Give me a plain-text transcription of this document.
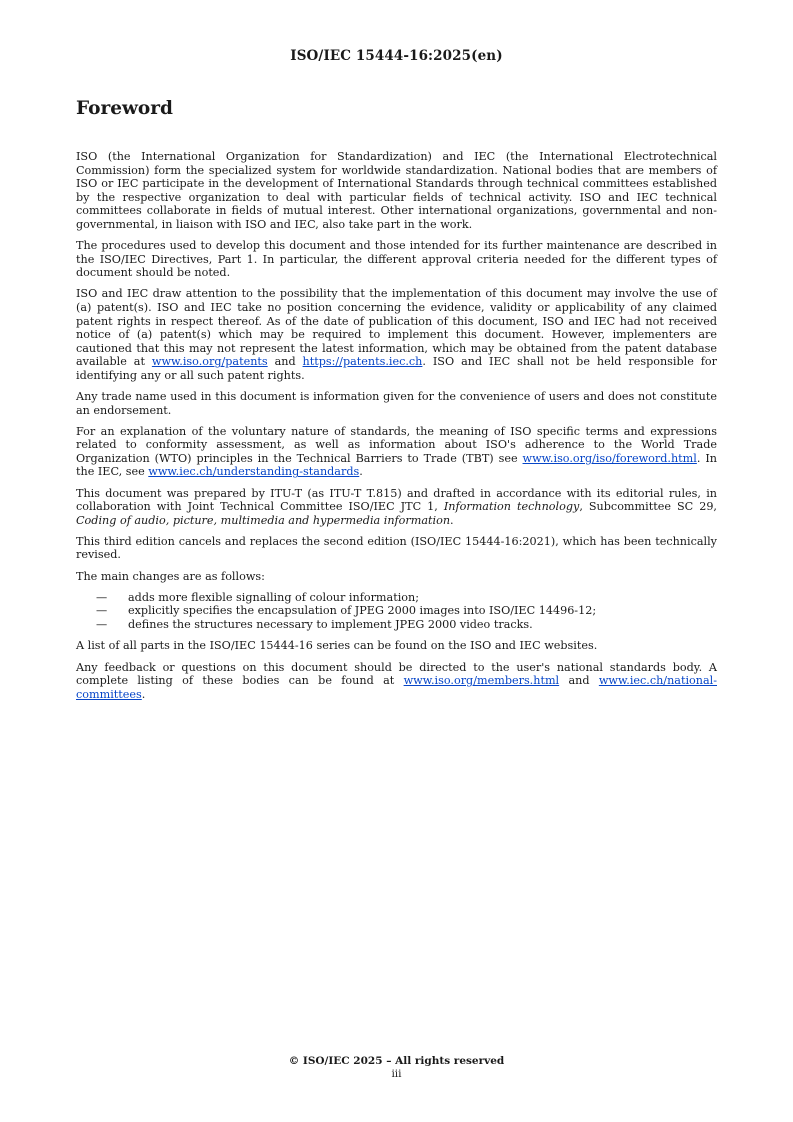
ISO/IEC 15444-16:2025(en)
Foreword

ISO (the International Organization for Standardization) and IEC (the International Electrotechnical Commission) form the specialized system for worldwide standardization. National bodies that are members of ISO or IEC participate in the development of International Standards through technical committees established by the respective organization to deal with particular fields of technical activity. ISO and IEC technical committees collaborate in fields of mutual interest. Other international organizations, governmental and non-governmental, in liaison with ISO and IEC, also take part in the work.

The procedures used to develop this document and those intended for its further maintenance are described in the ISO/IEC Directives, Part 1. In particular, the different approval criteria needed for the different types of document should be noted.

ISO and IEC draw attention to the possibility that the implementation of this document may involve the use of (a) patent(s). ISO and IEC take no position concerning the evidence, validity or applicability of any claimed patent rights in respect thereof. As of the date of publication of this document, ISO and IEC had not received notice of (a) patent(s) which may be required to implement this document. However, implementers are cautioned that this may not represent the latest information, which may be obtained from the patent database available at www.iso.org/patents and https://patents.iec.ch. ISO and IEC shall not be held responsible for identifying any or all such patent rights.

Any trade name used in this document is information given for the convenience of users and does not constitute an endorsement.

For an explanation of the voluntary nature of standards, the meaning of ISO specific terms and expressions related to conformity assessment, as well as information about ISO's adherence to the World Trade Organization (WTO) principles in the Technical Barriers to Trade (TBT) see www.iso.org/iso/foreword.html. In the IEC, see www.iec.ch/understanding-standards.

This document was prepared by ITU-T (as ITU-T T.815) and drafted in accordance with its editorial rules, in collaboration with Joint Technical Committee ISO/IEC JTC 1, Information technology, Subcommittee SC 29, Coding of audio, picture, multimedia and hypermedia information.

This third edition cancels and replaces the second edition (ISO/IEC 15444-16:2021), which has been technically revised.

The main changes are as follows:

— adds more flexible signalling of colour information;
— explicitly specifies the encapsulation of JPEG 2000 images into ISO/IEC 14496-12;
— defines the structures necessary to implement JPEG 2000 video tracks.

A list of all parts in the ISO/IEC 15444-16 series can be found on the ISO and IEC websites.

Any feedback or questions on this document should be directed to the user's national standards body. A complete listing of these bodies can be found at www.iso.org/members.html and www.iec.ch/national-committees.

© ISO/IEC 2025 – All rights reserved
iii
